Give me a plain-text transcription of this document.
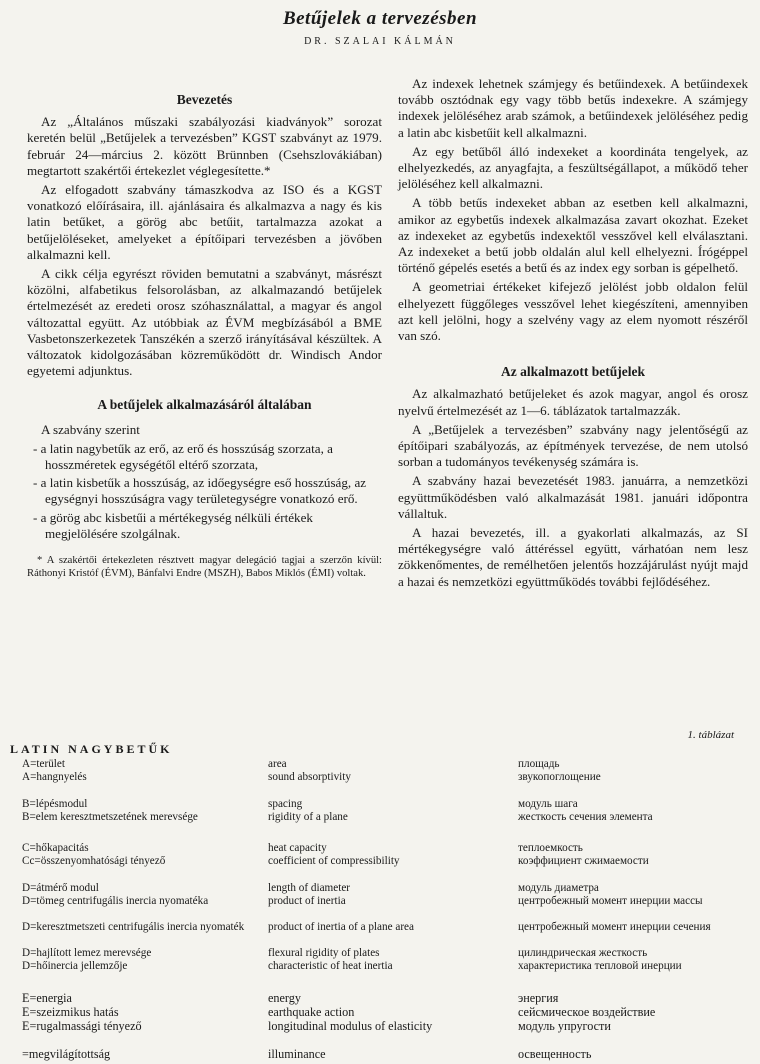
Betűjelek a tervezésben
DR. SZALAI KÁLMÁN
Bevezetés

Az „Általános műszaki szabályozási kiadványok” sorozat keretén belül „Betűjelek a tervezésben” KGST szabványt az 1979. február 24—március 2. között Brünnben (Csehszlovákiában) megtartott szakértői értekezlet véglegesítette.*

Az elfogadott szabvány támaszkodva az ISO és a KGST vonatkozó előírásaira, ill. ajánlásaira és alkalmazva a nagy és kis latin betűket, a görög abc betűit, tartalmazza azokat a betűjelöléseket, amelyeket a építőipari tervezésben a jövőben alkalmazni kell.

A cikk célja egyrészt röviden bemutatni a szabványt, másrészt közölni, alfabetikus felsorolásban, az alkalmazandó betűjelek értelmezését az eredeti orosz szóhasználattal, a magyar és angol változattal együtt. Az utóbbiak az ÉVM megbízásából a BME Vasbetonszerkezetek Tanszékén a szerző irányításával készültek. A változatok kidolgozásában közreműködött dr. Windisch Andor egyetemi adjunktus.

A betűjelek alkalmazásáról általában

A szabvány szerint

- a latin nagybetűk az erő, az erő és hosszúság szorzata, a hosszméretek egységétől eltérő szorzata,
- a latin kisbetűk a hosszúság, az időegységre eső hosszúság, az egységnyi hosszúságra vagy területegységre vonatkozó erő.
- a görög abc kisbetűi a mértékegység nélküli értékek megjelölésére szolgálnak.
* A szakértői értekezleten résztvett magyar delegáció tagjai a szerzőn kívül: Ráthonyi Kristóf (ÉVM), Bánfalvi Endre (MSZH), Babos Miklós (ÉMI) voltak.

Az indexek lehetnek számjegy és betűindexek. A betűindexek tovább osztódnak egy vagy több betűs indexekre. A számjegy indexek jelöléséhez arab számok, a betűindexek jelöléséhez pedig a latin abc kisbetűit kell alkalmazni.

Az egy betűből álló indexeket a koordináta tengelyek, az elhelyezkedés, az anyagfajta, a feszültségállapot, a működő teher jelöléséhez kell alkalmazni.

A több betűs indexeket abban az esetben kell alkalmazni, amikor az egybetűs indexek alkalmazása zavart okozhat. Ezeket az indexeket az egybetűs indexektől vesszővel kell elválasztani. Az indexeket a betű jobb oldalán alul kell elhelyezni. Írógéppel történő gépelés esetés a betű és az index egy sorban is gépelhető.

A geometriai értékeket kifejező jelölést jobb oldalon felül elhelyezett függőleges vesszővel lehet kiegészíteni, amennyiben azt kell jelölni, hogy a szelvény vagy az elem nyomott részéről van szó.

Az alkalmazott betűjelek

Az alkalmazható betűjeleket és azok magyar, angol és orosz nyelvű értelmezését az 1—6. táblázatok tartalmazzák.

A „Betűjelek a tervezésben” szabvány nagy jelentőségű az építőipari szabályozás, az építmények tervezése, de nem utolsó sorban a tudományos tevékenység számára is.

A szabvány hazai bevezetését 1983. januárra, a nemzetközi együttműködésben való alkalmazását 1981. januári időpontra vállaltuk.

A hazai bevezetés, ill. a gyakorlati alkalmazás, az SI mértékegységre való áttéréssel együtt, várhatóan nem lesz zökkenőmentes, de remélhetően jelentős hozzájárulást nyújt majd a hazai és nemzetközi együttműködés további fejlődéséhez.

1. táblázat
LATIN NAGYBETŰK
A=terület	area	площадь
A=hangnyelés	sound absorptivity	звукопоглощение
B=lépésmodul	spacing	модуль шага
B=elem keresztmetszetének merevsége	rigidity of a plane	жесткость сечения элемента
C=hőkapacitás	heat capacity	теплоемкость
Cc=összenyomhatósági tényező	coefficient of compressibility	коэффициент сжимаемости
D=átmérő modul	length of diameter	модуль диаметра
D=tömeg centrifugális inercia nyomatéka	product of inertia	центробежный момент инерции массы
D=keresztmetszeti centrifugális inercia nyomaték	product of inertia of a plane area	центробежный момент инерции сечения
D=hajlított lemez merevsége	flexural rigidity of plates	цилиндрическая жесткость
D=hőinercia jellemzője	characteristic of heat inertia	характеристика тепловой инерции
E=energia	energy	энергия
E=szeizmikus hatás	earthquake action	сейсмическое воздействие
E=rugalmassági tényező	longitudinal modulus of elasticity	модуль упругости
=megvilágítottság	illuminance	освещенность
